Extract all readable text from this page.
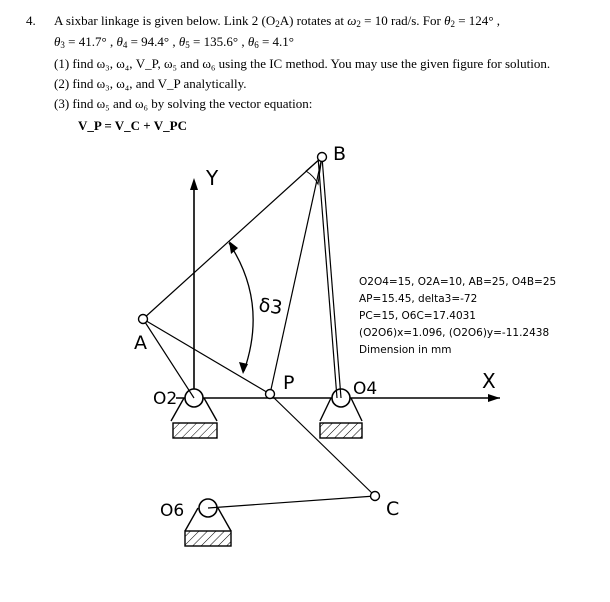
4. A sixbar linkage is given below. Link 2 $(O_2A)$ rotates at $\omega_2 = 10$ rad/s. For $\theta_2 = 124^\circ$ ,
$\theta_3 = 41.7^\circ$ , $\theta_4 = 94.4^\circ$ , $\theta_5 = 135.6^\circ$ , $\theta_6 = 4.1^\circ$
(1) find ω₃, ω₄, V_P, ω₅ and ω₆ using the IC method. You may use the given figure for solution.
(2) find ω₃, ω₄, and V_P analytically.
(3) find ω₅ and ω₆ by solving the vector equation:
V_P = V_C + V_PC
Y
X
A
B
C
P
O2	O4
O6
δ3
O2O4=15, O2A=10, AB=25, O4B=25
AP=15.45, delta3=-72
PC=15, O6C=17.4031
(O2O6)x=1.096, (O2O6)y=-11.2438
Dimension in mm
